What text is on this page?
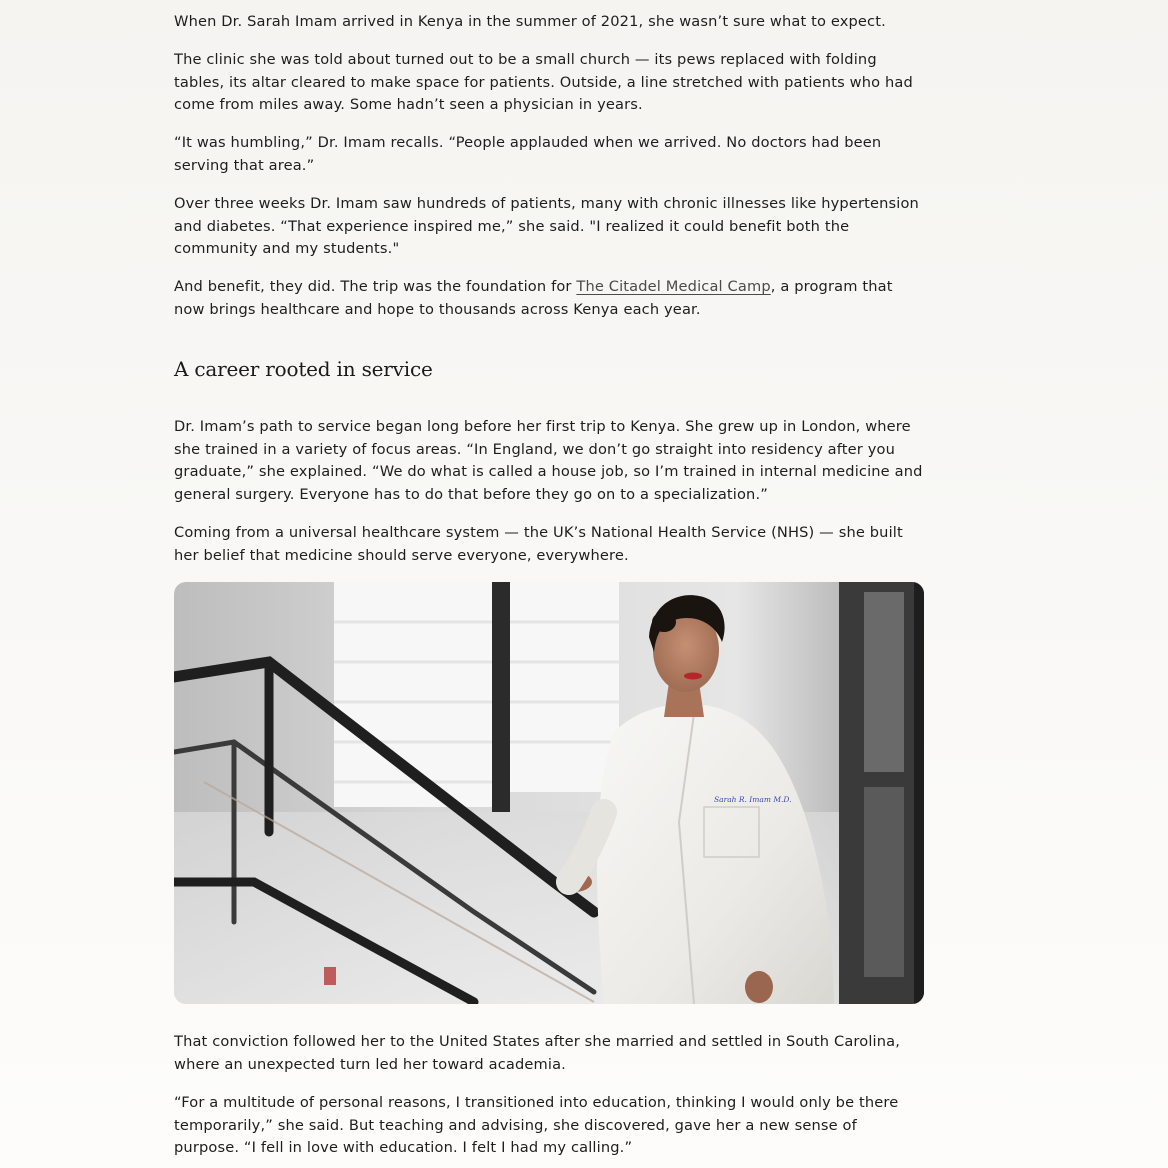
When Dr. Sarah Imam arrived in Kenya in the summer of 2021, she wasn’t sure what to expect.

The clinic she was told about turned out to be a small church — its pews replaced with folding tables, its altar cleared to make space for patients. Outside, a line stretched with patients who had come from miles away. Some hadn’t seen a physician in years.

“It was humbling,” Dr. Imam recalls. “People applauded when we arrived. No doctors had been serving that area.”

Over three weeks Dr. Imam saw hundreds of patients, many with chronic illnesses like hypertension and diabetes. “That experience inspired me,” she said. "I realized it could benefit both the community and my students."

And benefit, they did. The trip was the foundation for The Citadel Medical Camp, a program that now brings healthcare and hope to thousands across Kenya each year.

A career rooted in service

Dr. Imam’s path to service began long before her first trip to Kenya. She grew up in London, where she trained in a variety of focus areas. “In England, we don’t go straight into residency after you graduate,” she explained. “We do what is called a house job, so I’m trained in internal medicine and general surgery. Everyone has to do that before they go on to a specialization.”

Coming from a universal healthcare system — the UK’s National Health Service (NHS) — she built her belief that medicine should serve everyone, everywhere.

Sarah R. Imam M.D.

That conviction followed her to the United States after she married and settled in South Carolina, where an unexpected turn led her toward academia.

“For a multitude of personal reasons, I transitioned into education, thinking I would only be there temporarily,” she said. But teaching and advising, she discovered, gave her a new sense of purpose. “I fell in love with education. I felt I had my calling.”
